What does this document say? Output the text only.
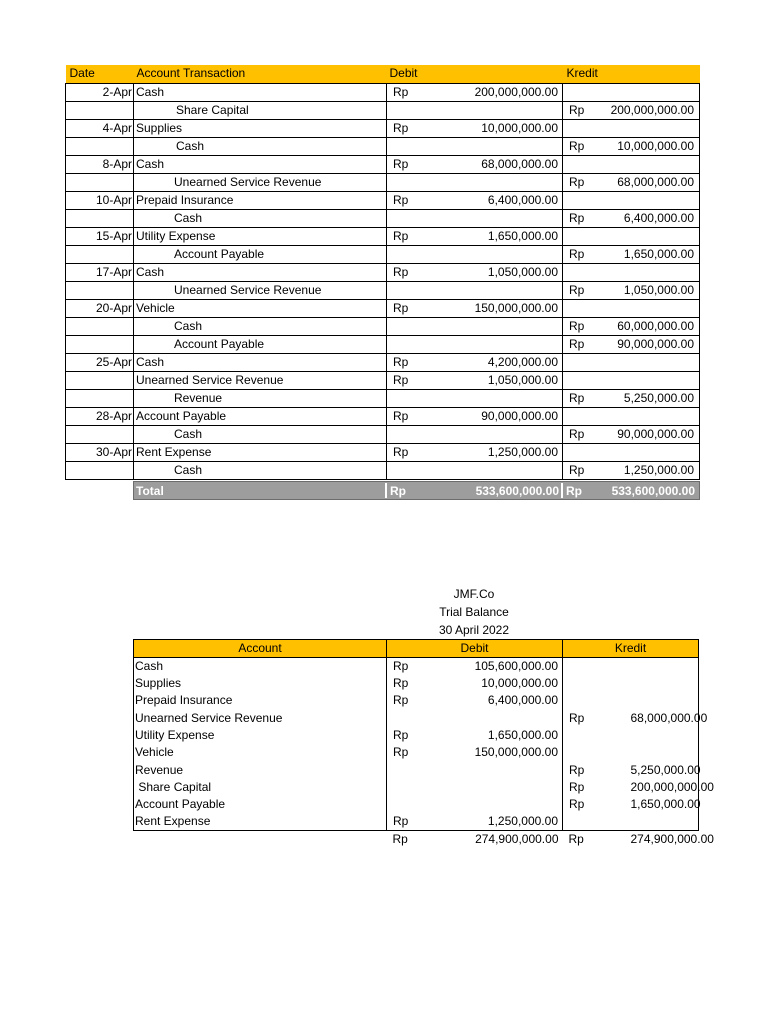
Date	Account Transaction	Debit		Kredit	
2-Apr	Cash	Rp	200,000,000.00		
	Share Capital			Rp	200,000,000.00
4-Apr	Supplies	Rp	10,000,000.00		
	Cash			Rp	10,000,000.00
8-Apr	Cash	Rp	68,000,000.00		
	Unearned Service Revenue			Rp	68,000,000.00
10-Apr	Prepaid Insurance	Rp	6,400,000.00		
	Cash			Rp	6,400,000.00
15-Apr	Utility Expense	Rp	1,650,000.00		
	Account Payable			Rp	1,650,000.00
17-Apr	Cash	Rp	1,050,000.00		
	Unearned Service Revenue			Rp	1,050,000.00
20-Apr	Vehicle	Rp	150,000,000.00		
	Cash			Rp	60,000,000.00
	Account Payable			Rp	90,000,000.00
25-Apr	Cash	Rp	4,200,000.00		
	Unearned Service Revenue	Rp	1,050,000.00		
	Revenue			Rp	5,250,000.00
28-Apr	Account Payable	Rp	90,000,000.00		
	Cash			Rp	90,000,000.00
30-Apr	Rent Expense	Rp	1,250,000.00		
	Cash			Rp	1,250,000.00
Total	Rp	533,600,000.00 Rp 533,600,000.00
JMF.Co
Trial Balance
30 April 2022
Account	Debit		Kredit	
Cash	Rp	105,600,000.00		
Supplies	Rp	10,000,000.00		
Prepaid Insurance	Rp	6,400,000.00		
Unearned Service Revenue			Rp	68,000,000.00
Utility Expense	Rp	1,650,000.00		
Vehicle	Rp	150,000,000.00		
Revenue			Rp	5,250,000.00
Share Capital			Rp	200,000,000.00
Account Payable			Rp	1,650,000.00
Rent Expense	Rp	1,250,000.00		
	Rp	274,900,000.00	Rp	274,900,000.00
